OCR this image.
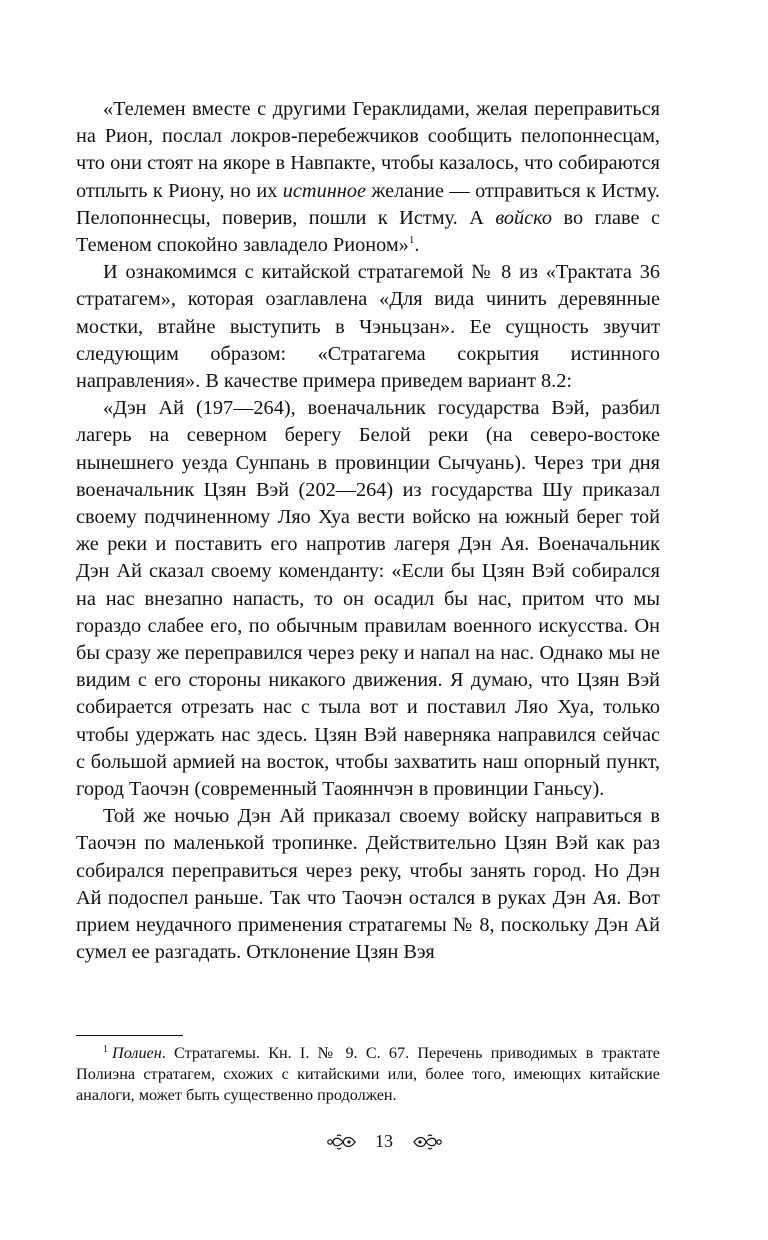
«Телемен вместе с другими Гераклидами, желая переправиться на Рион, послал локров-перебежчиков сообщить пелопоннесцам, что они стоят на якоре в Навпакте, чтобы казалось, что собираются отплыть к Риону, но их истинное желание — отправиться к Истму. Пелопоннесцы, поверив, пошли к Истму. А войско во главе с Теменом спокойно завладело Рионом»$^1$.

И ознакомимся с китайской стратагемой № 8 из «Трактата 36 стратагем», которая озаглавлена «Для вида чинить деревянные мостки, втайне выступить в Чэньцзан». Ее сущность звучит следующим образом: «Стратагема сокрытия истинного направления». В качестве примера приведем вариант 8.2:

«Дэн Ай (197—264), военачальник государства Вэй, разбил лагерь на северном берегу Белой реки (на северо-востоке нынешнего уезда Сунпань в провинции Сычуань). Через три дня военачальник Цзян Вэй (202—264) из государства Шу приказал своему подчиненному Ляо Хуа вести войско на южный берег той же реки и поставить его напротив лагеря Дэн Ая. Военачальник Дэн Ай сказал своему коменданту: «Если бы Цзян Вэй собирался на нас внезапно напасть, то он осадил бы нас, притом что мы гораздо слабее его, по обычным правилам военного искусства. Он бы сразу же переправился через реку и напал на нас. Однако мы не видим с его стороны никакого движения. Я думаю, что Цзян Вэй собирается отрезать нас с тыла вот и поставил Ляо Хуа, только чтобы удержать нас здесь. Цзян Вэй наверняка направился сейчас с большой армией на восток, чтобы захватить наш опорный пункт, город Таочэн (современный Таояннчэн в провинции Ганьсу).

Той же ночью Дэн Ай приказал своему войску направиться в Таочэн по маленькой тропинке. Действительно Цзян Вэй как раз собирался переправиться через реку, чтобы занять город. Но Дэн Ай подоспел раньше. Так что Таочэн остался в руках Дэн Ая. Вот прием неудачного применения стратагемы № 8, поскольку Дэн Ай сумел ее разгадать. Отклонение Цзян Вэя

$^1$ Полиен. Стратагемы. Кн. I. № 9. С. 67. Перечень приводимых в трактате Полиэна стратагем, схожих с китайскими или, более того, имеющих китайские аналоги, может быть существенно продолжен.
13
